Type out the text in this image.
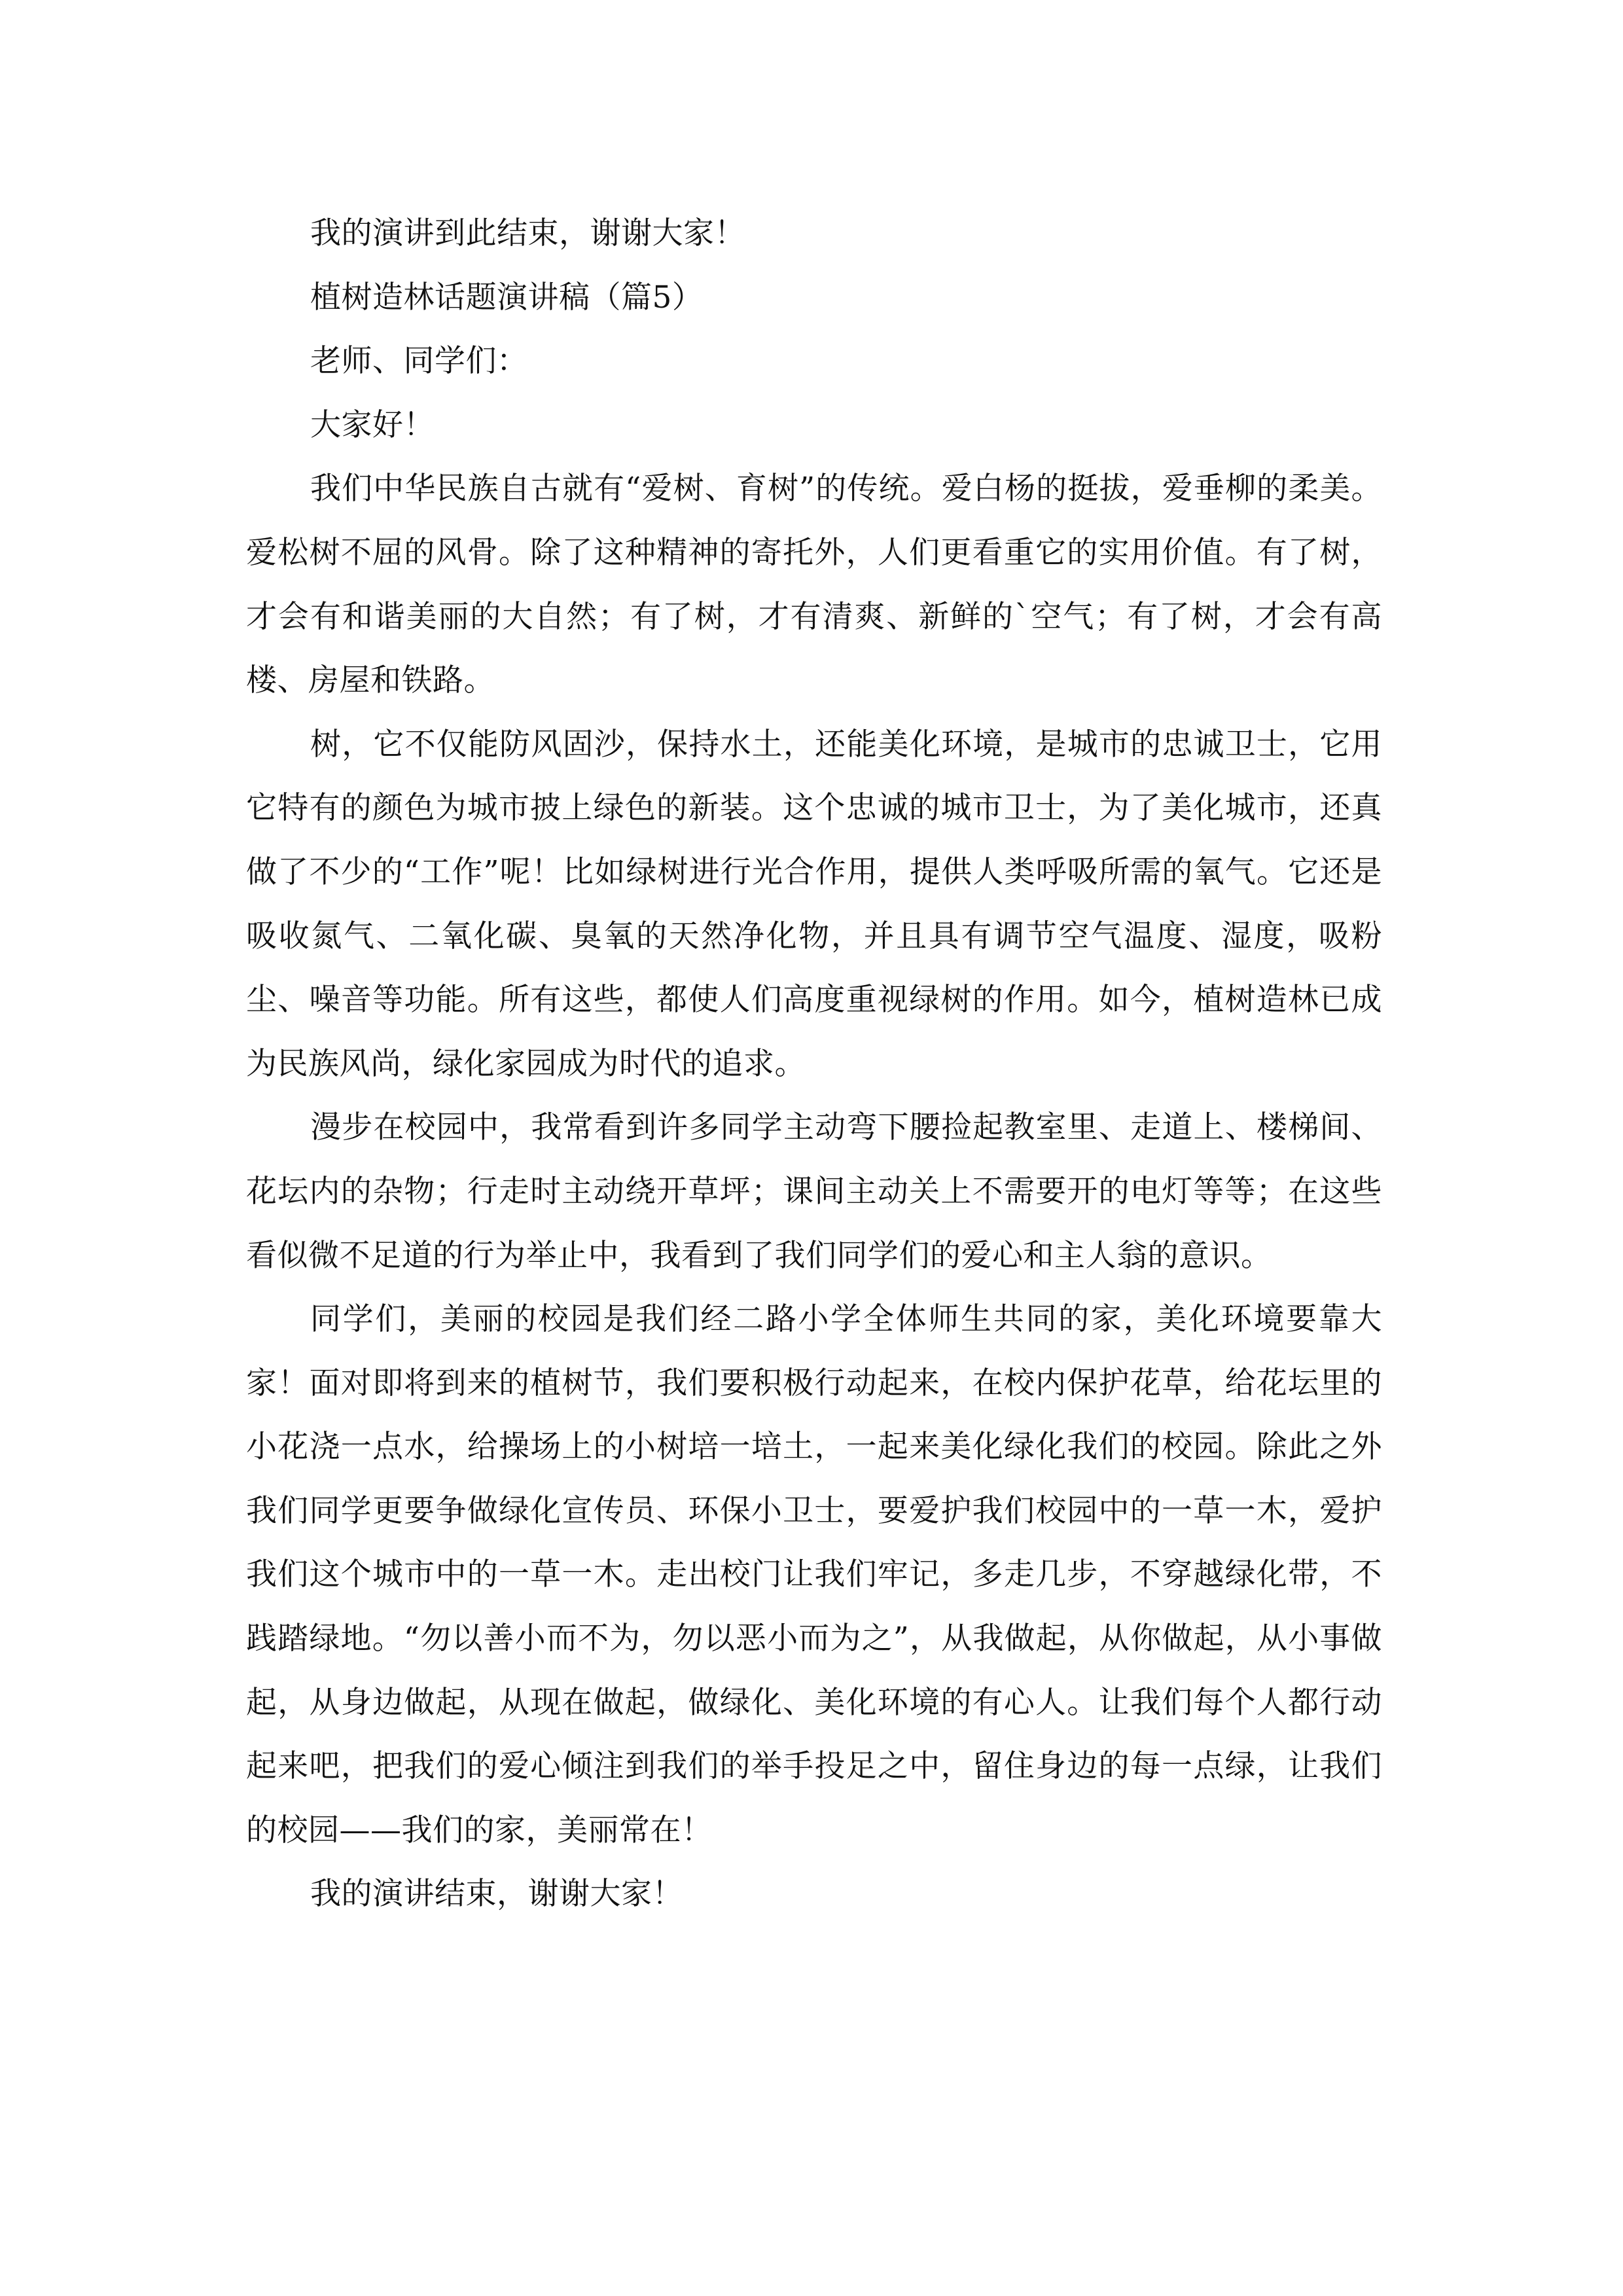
我的演讲到此结束，谢谢大家！

植树造林话题演讲稿（篇5）

老师、同学们：

大家好！

我们中华民族自古就有“爱树、育树”的传统。爱白杨的挺拔，爱垂柳的柔美。爱松树不屈的风骨。除了这种精神的寄托外，人们更看重它的实用价值。有了树，才会有和谐美丽的大自然；有了树，才有清爽、新鲜的`空气；有了树，才会有高楼、房屋和铁路。

树，它不仅能防风固沙，保持水土，还能美化环境，是城市的忠诚卫士，它用它特有的颜色为城市披上绿色的新装。这个忠诚的城市卫士，为了美化城市，还真做了不少的“工作”呢！比如绿树进行光合作用，提供人类呼吸所需的氧气。它还是吸收氮气、二氧化碳、臭氧的天然净化物，并且具有调节空气温度、湿度，吸粉尘、噪音等功能。所有这些，都使人们高度重视绿树的作用。如今，植树造林已成为民族风尚，绿化家园成为时代的追求。

漫步在校园中，我常看到许多同学主动弯下腰捡起教室里、走道上、楼梯间、花坛内的杂物；行走时主动绕开草坪；课间主动关上不需要开的电灯等等；在这些看似微不足道的行为举止中，我看到了我们同学们的爱心和主人翁的意识。

同学们，美丽的校园是我们经二路小学全体师生共同的家，美化环境要靠大家！面对即将到来的植树节，我们要积极行动起来，在校内保护花草，给花坛里的小花浇一点水，给操场上的小树培一培土，一起来美化绿化我们的校园。除此之外我们同学更要争做绿化宣传员、环保小卫士，要爱护我们校园中的一草一木，爱护我们这个城市中的一草一木。走出校门让我们牢记，多走几步，不穿越绿化带，不践踏绿地。“勿以善小而不为，勿以恶小而为之”，从我做起，从你做起，从小事做起，从身边做起，从现在做起，做绿化、美化环境的有心人。让我们每个人都行动起来吧，把我们的爱心倾注到我们的举手投足之中，留住身边的每一点绿，让我们的校园——我们的家，美丽常在！

我的演讲结束，谢谢大家！
